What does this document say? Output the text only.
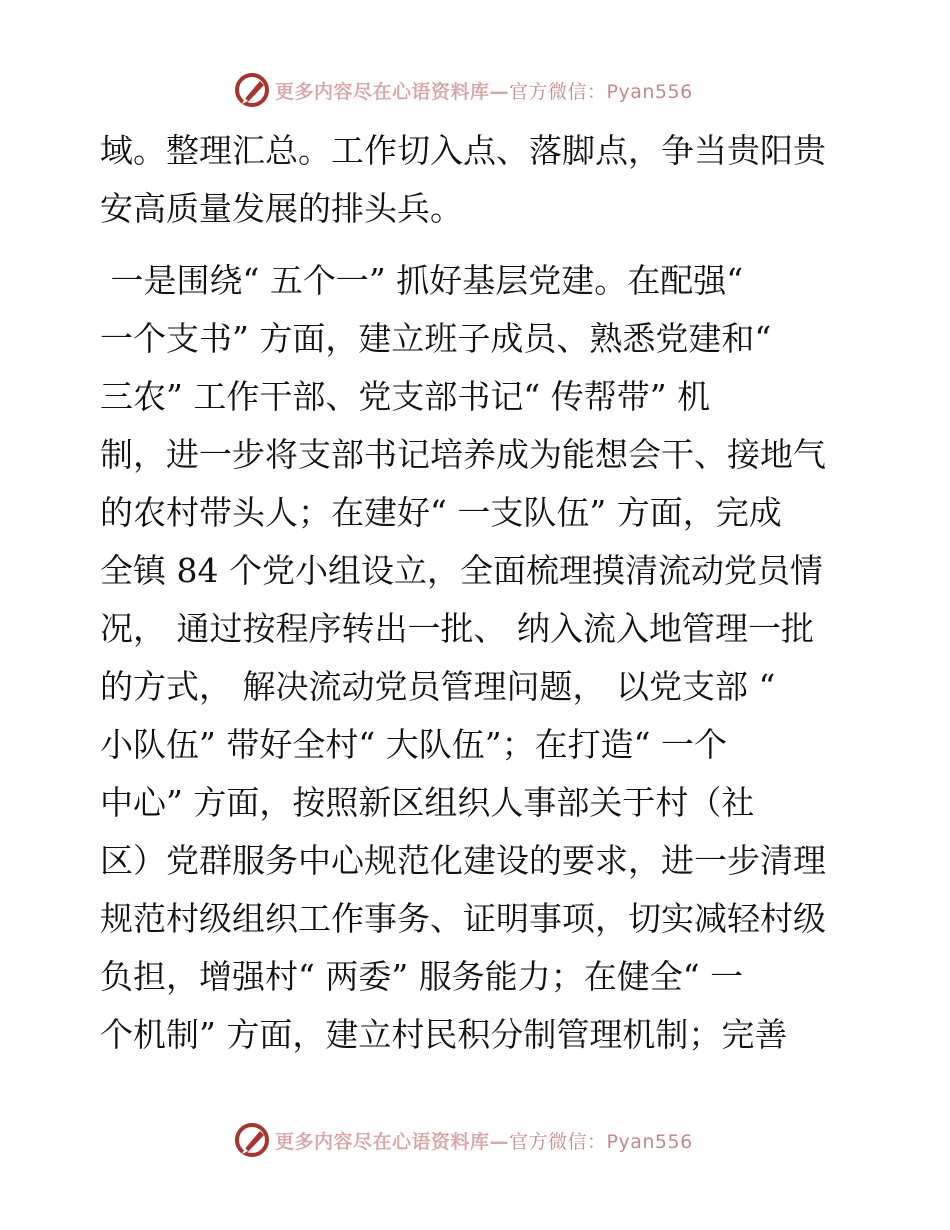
更多内容尽在心语资料库—官方微信：Pyan556
域。整理汇总。工作切入点、落脚点，争当贵阳贵
安高质量发展的排头兵。
一是围绕“ 五个一” 抓好基层党建。在配强“
一个支书” 方面，建立班子成员、熟悉党建和“
三农” 工作干部、党支部书记“ 传帮带” 机
制，进一步将支部书记培养成为能想会干、接地气
的农村带头人；在建好“ 一支队伍” 方面，完成
全镇 84 个党小组设立，全面梳理摸清流动党员情
况， 通过按程序转出一批、 纳入流入地管理一批
的方式， 解决流动党员管理问题， 以党支部 “
小队伍” 带好全村“ 大队伍”；在打造“ 一个
中心” 方面，按照新区组织人事部关于村（社
区）党群服务中心规范化建设的要求，进一步清理
规范村级组织工作事务、证明事项，切实减轻村级
负担，增强村“ 两委” 服务能力；在健全“ 一
个机制” 方面，建立村民积分制管理机制；完善
更多内容尽在心语资料库—官方微信：Pyan556
